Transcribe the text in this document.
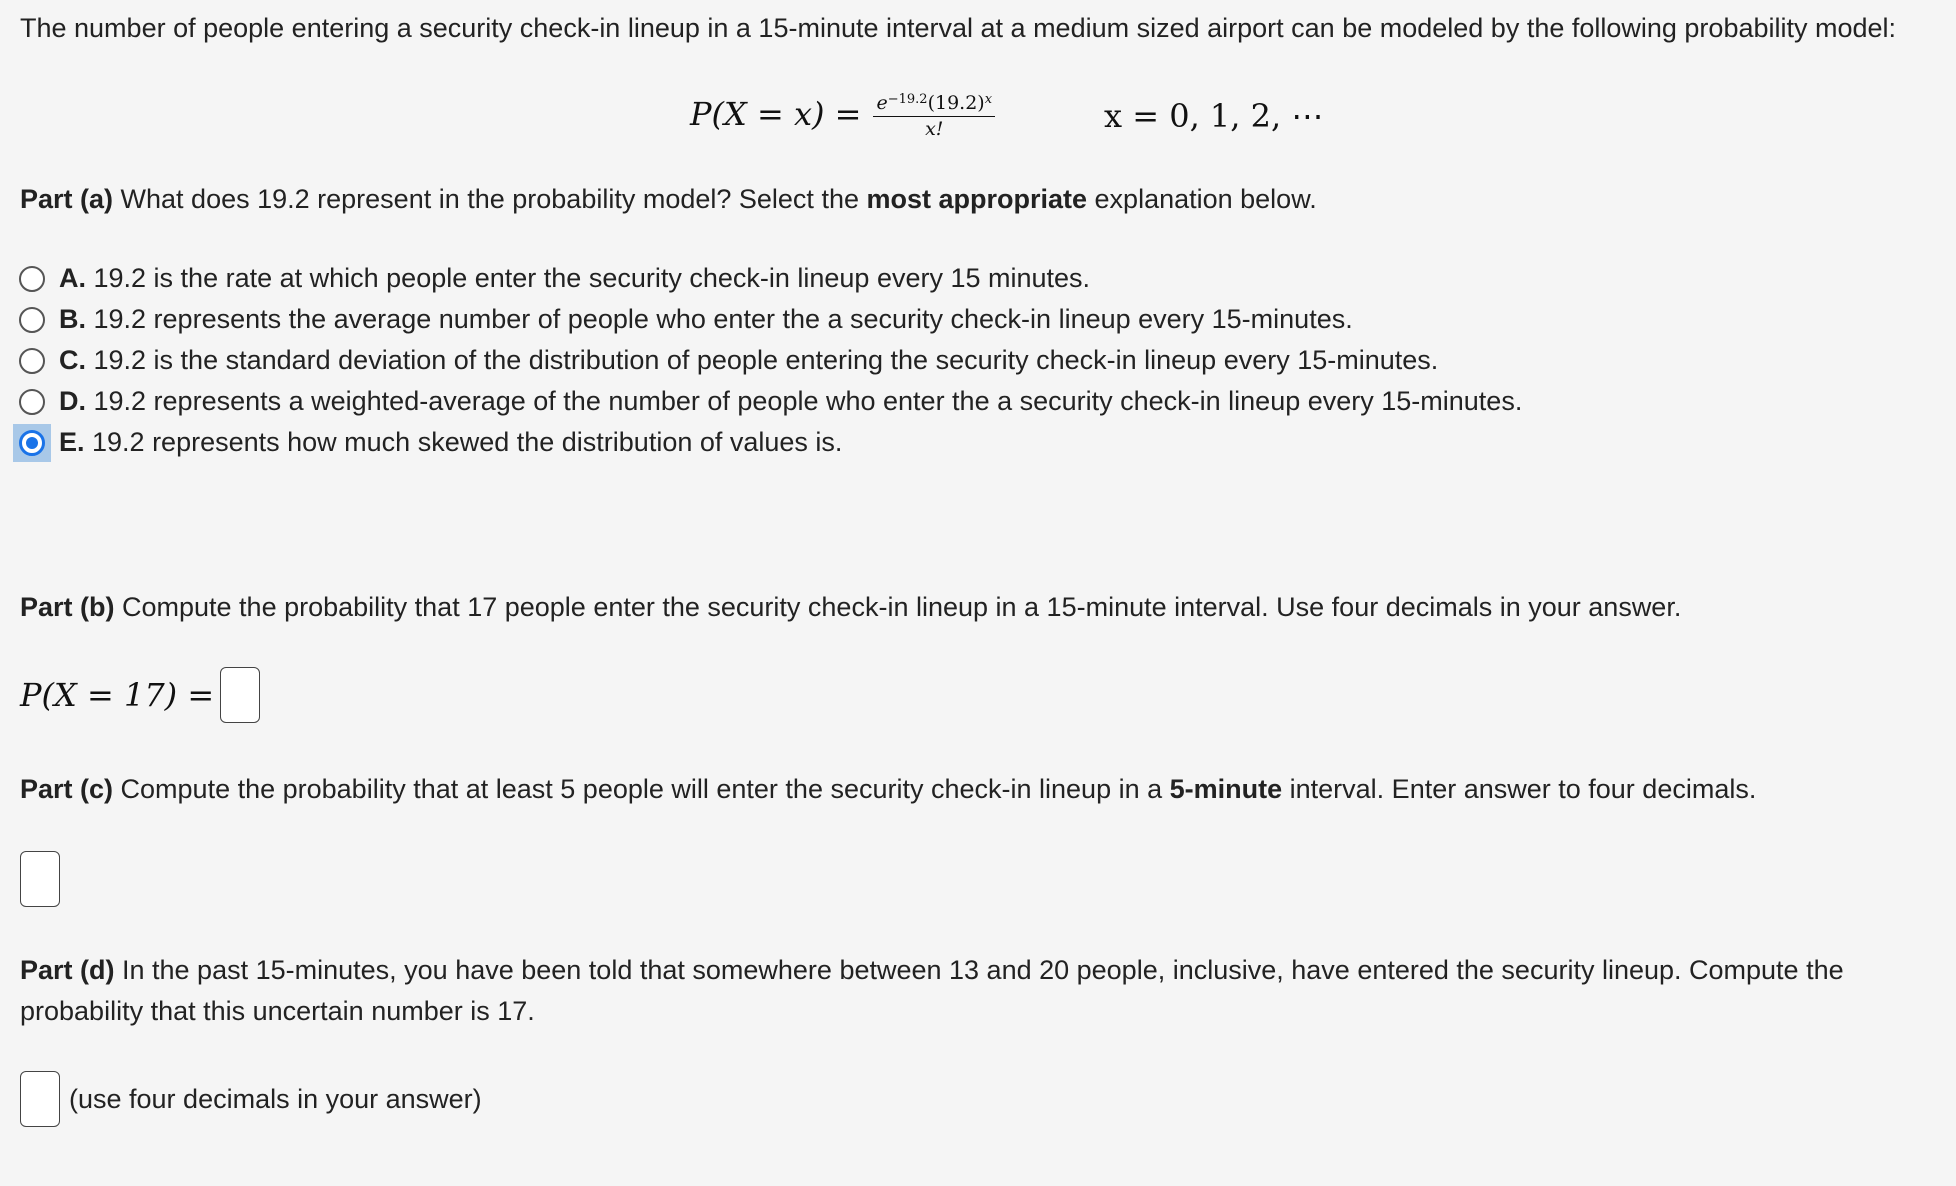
The number of people entering a security check-in lineup in a 15-minute interval at a medium sized airport can be modeled by the following probability model:

$P(X = x) = \frac{e^{-19.2}(19.2)^x}{x!}$	x = 0, 1, 2, ⋯
Part (a) What does 19.2 represent in the probability model? Select the most appropriate explanation below.
A. 19.2 is the rate at which people enter the security check-in lineup every 15 minutes.
B. 19.2 represents the average number of people who enter the a security check-in lineup every 15-minutes.
C. 19.2 is the standard deviation of the distribution of people entering the security check-in lineup every 15-minutes.
D. 19.2 represents a weighted-average of the number of people who enter the a security check-in lineup every 15-minutes.
E. 19.2 represents how much skewed the distribution of values is.
Part (b) Compute the probability that 17 people enter the security check-in lineup in a 15-minute interval. Use four decimals in your answer.
P(X = 17) =
Part (c) Compute the probability that at least 5 people will enter the security check-in lineup in a 5-minute interval. Enter answer to four decimals.
Part (d) In the past 15-minutes, you have been told that somewhere between 13 and 20 people, inclusive, have entered the security lineup. Compute the probability that this uncertain number is 17.
(use four decimals in your answer)
